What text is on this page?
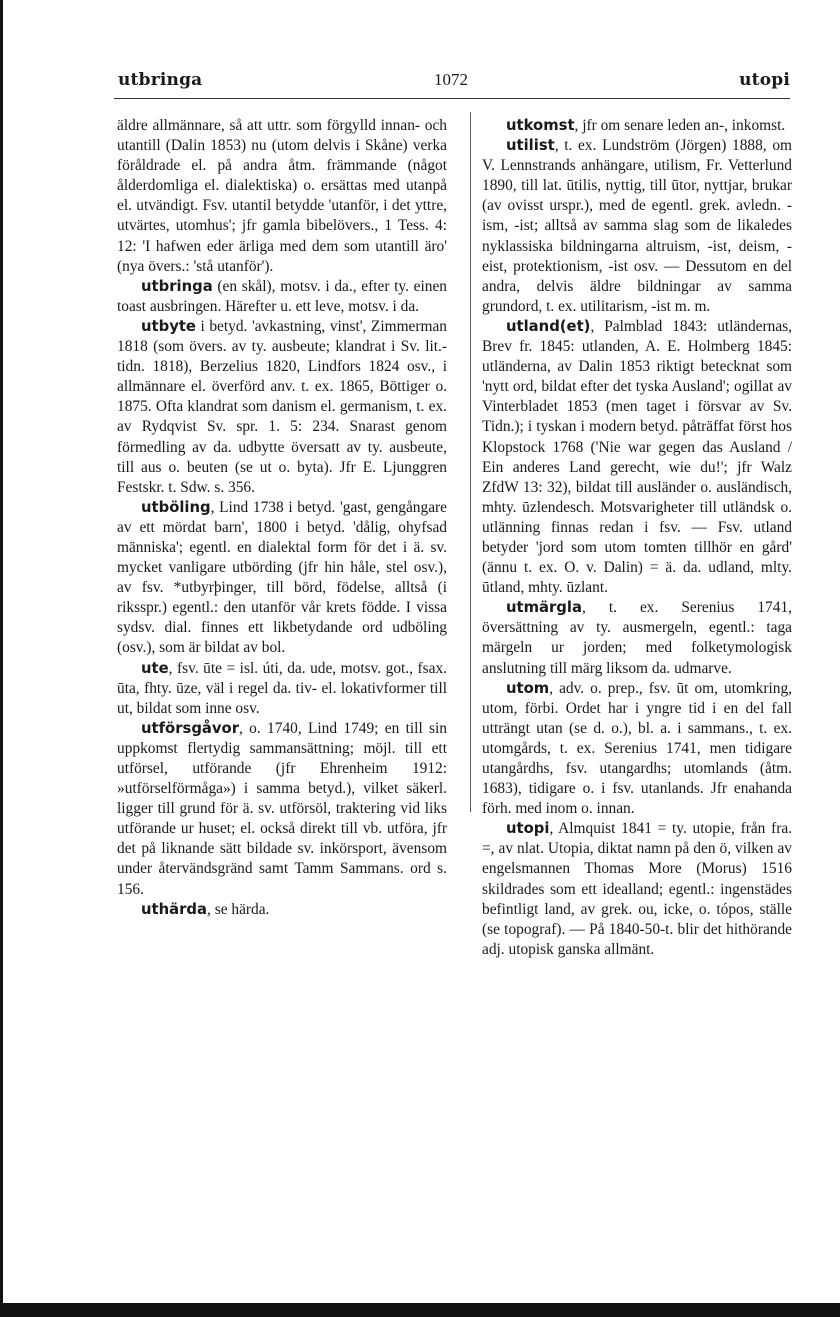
utbringa	1072	utopi

äldre allmännare, så att uttr. som förgylld innan- och utantill (Dalin 1853) nu (utom delvis i Skåne) verka föråldrade el. på andra åtm. främmande (något ålderdomliga el. dialektiska) o. ersättas med utanpå el. utvändigt. Fsv. utantil betydde 'utanför, i det yttre, utvärtes, utomhus'; jfr gamla bibelövers., 1 Tess. 4: 12: 'I hafwen eder ärliga med dem som utantill äro' (nya övers.: 'stå utanför').

utbringa (en skål), motsv. i da., efter ty. einen toast ausbringen. Härefter u. ett leve, motsv. i da.

utbyte i betyd. 'avkastning, vinst', Zimmerman 1818 (som övers. av ty. ausbeute; klandrat i Sv. lit.-tidn. 1818), Berzelius 1820, Lindfors 1824 osv., i allmännare el. överförd anv. t. ex. 1865, Böttiger o. 1875. Ofta klandrat som danism el. germanism, t. ex. av Rydqvist Sv. spr. 1. 5: 234. Snarast genom förmedling av da. udbytte översatt av ty. ausbeute, till aus o. beuten (se ut o. byta). Jfr E. Ljunggren Festskr. t. Sdw. s. 356.

utböling, Lind 1738 i betyd. 'gast, gengångare av ett mördat barn', 1800 i betyd. 'dålig, ohyfsad människa'; egentl. en dialektal form för det i ä. sv. mycket vanligare utbörding (jfr hin håle, stel osv.), av fsv. *utbyrþinger, till börd, födelse, alltså (i riksspr.) egentl.: den utanför vår krets födde. I vissa sydsv. dial. finnes ett likbetydande ord udböling (osv.), som är bildat av bol.

ute, fsv. ūte = isl. úti, da. ude, motsv. got., fsax. ūta, fhty. ūze, väl i regel da. tiv- el. lokativformer till ut, bildat som inne osv.

utförsgåvor, o. 1740, Lind 1749; en till sin uppkomst flertydig sammansättning; möjl. till ett utförsel, utförande (jfr Ehrenheim 1912: »utförselförmåga») i samma betyd.), vilket säkerl. ligger till grund för ä. sv. utförsöl, traktering vid liks utförande ur huset; el. också direkt till vb. utföra, jfr det på liknande sätt bildade sv. inkörsport, ävensom under återvändsgränd samt Tamm Sammans. ord s. 156.

uthärda, se härda.

utkomst, jfr om senare leden an-, inkomst.

utilist, t. ex. Lundström (Jörgen) 1888, om V. Lennstrands anhängare, utilism, Fr. Vetterlund 1890, till lat. ūtilis, nyttig, till ūtor, nyttjar, brukar (av ovisst urspr.), med de egentl. grek. avledn. -ism, -ist; alltså av samma slag som de likaledes nyklassiska bildningarna altruism, -ist, deism, -eist, protektionism, -ist osv. — Dessutom en del andra, delvis äldre bildningar av samma grundord, t. ex. utilitarism, -ist m. m.

utland(et), Palmblad 1843: utländernas, Brev fr. 1845: utlanden, A. E. Holmberg 1845: utländerna, av Dalin 1853 riktigt betecknat som 'nytt ord, bildat efter det tyska Ausland'; ogillat av Vinterbladet 1853 (men taget i försvar av Sv. Tidn.); i tyskan i modern betyd. påträffat först hos Klopstock 1768 ('Nie war gegen das Ausland / Ein anderes Land gerecht, wie du!'; jfr Walz ZfdW 13: 32), bildat till ausländer o. ausländisch, mhty. ūzlendesch. Motsvarigheter till utländsk o. utlänning finnas redan i fsv. — Fsv. utland betyder 'jord som utom tomten tillhör en gård' (ännu t. ex. O. v. Dalin) = ä. da. udland, mlty. ūtland, mhty. ūzlant.

utmärgla, t. ex. Serenius 1741, översättning av ty. ausmergeln, egentl.: taga märgeln ur jorden; med folketymologisk anslutning till märg liksom da. udmarve.

utom, adv. o. prep., fsv. ūt om, utomkring, utom, förbi. Ordet har i yngre tid i en del fall utträngt utan (se d. o.), bl. a. i sammans., t. ex. utomgårds, t. ex. Serenius 1741, men tidigare utangårdhs, fsv. utangardhs; utomlands (åtm. 1683), tidigare o. i fsv. utanlands. Jfr enahanda förh. med inom o. innan.

utopi, Almquist 1841 = ty. utopie, från fra. =, av nlat. Utopia, diktat namn på den ö, vilken av engelsmannen Thomas More (Morus) 1516 skildrades som ett idealland; egentl.: ingenstädes befintligt land, av grek. ou, icke, o. tópos, ställe (se topograf). — På 1840-50-t. blir det hithörande adj. utopisk ganska allmänt.
